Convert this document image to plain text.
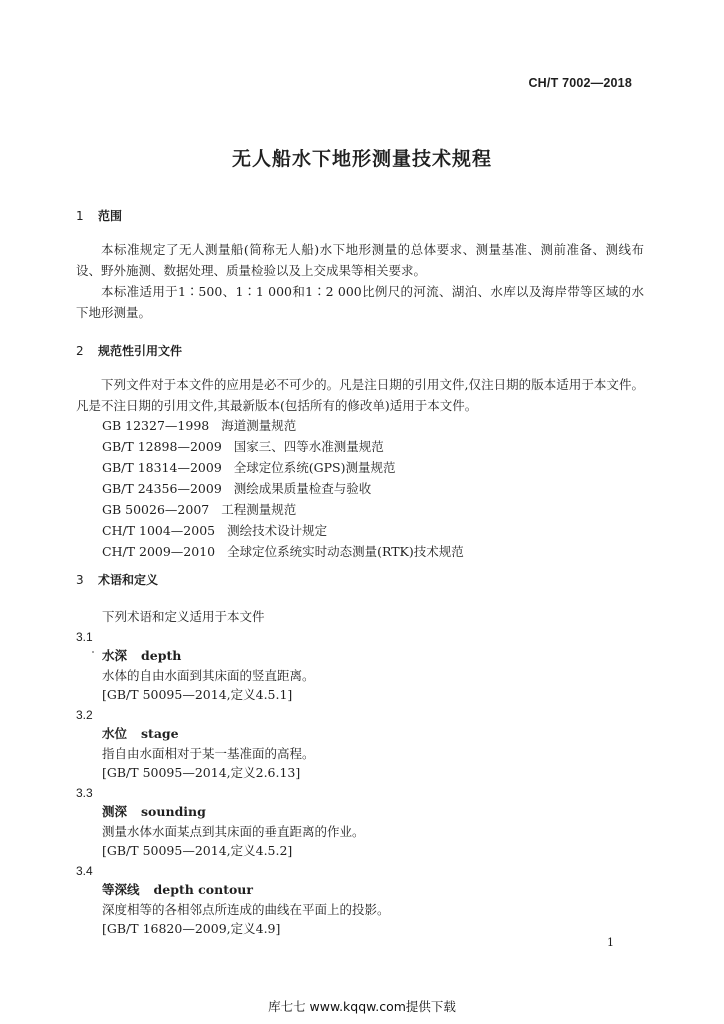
CH/T 7002—2018
无人船水下地形测量技术规程
1 范围

本标准规定了无人测量船(简称无人船)水下地形测量的总体要求、测量基准、测前准备、测线布设、野外施测、数据处理、质量检验以及上交成果等相关要求。

本标准适用于1∶500、1∶1 000和1∶2 000比例尺的河流、湖泊、水库以及海岸带等区域的水下地形测量。

2 规范性引用文件

下列文件对于本文件的应用是必不可少的。凡是注日期的引用文件,仅注日期的版本适用于本文件。凡是不注日期的引用文件,其最新版本(包括所有的修改单)适用于本文件。

GB 12327—1998 海道测量规范
GB/T 12898—2009 国家三、四等水准测量规范
GB/T 18314—2009 全球定位系统(GPS)测量规范
GB/T 24356—2009 测绘成果质量检查与验收
GB 50026—2007 工程测量规范
CH/T 1004—2005 测绘技术设计规定
CH/T 2009—2010 全球定位系统实时动态测量(RTK)技术规范
3 术语和定义
下列术语和定义适用于本文件
3.1
水深 depth
水体的自由水面到其床面的竖直距离。
[GB/T 50095—2014,定义4.5.1]
3.2
水位 stage
指自由水面相对于某一基准面的高程。
[GB/T 50095—2014,定义2.6.13]
3.3
测深 sounding
测量水体水面某点到其床面的垂直距离的作业。
[GB/T 50095—2014,定义4.5.2]
3.4
等深线 depth contour
深度相等的各相邻点所连成的曲线在平面上的投影。
[GB/T 16820—2009,定义4.9]
1
库七七 www.kqqw.com提供下载
